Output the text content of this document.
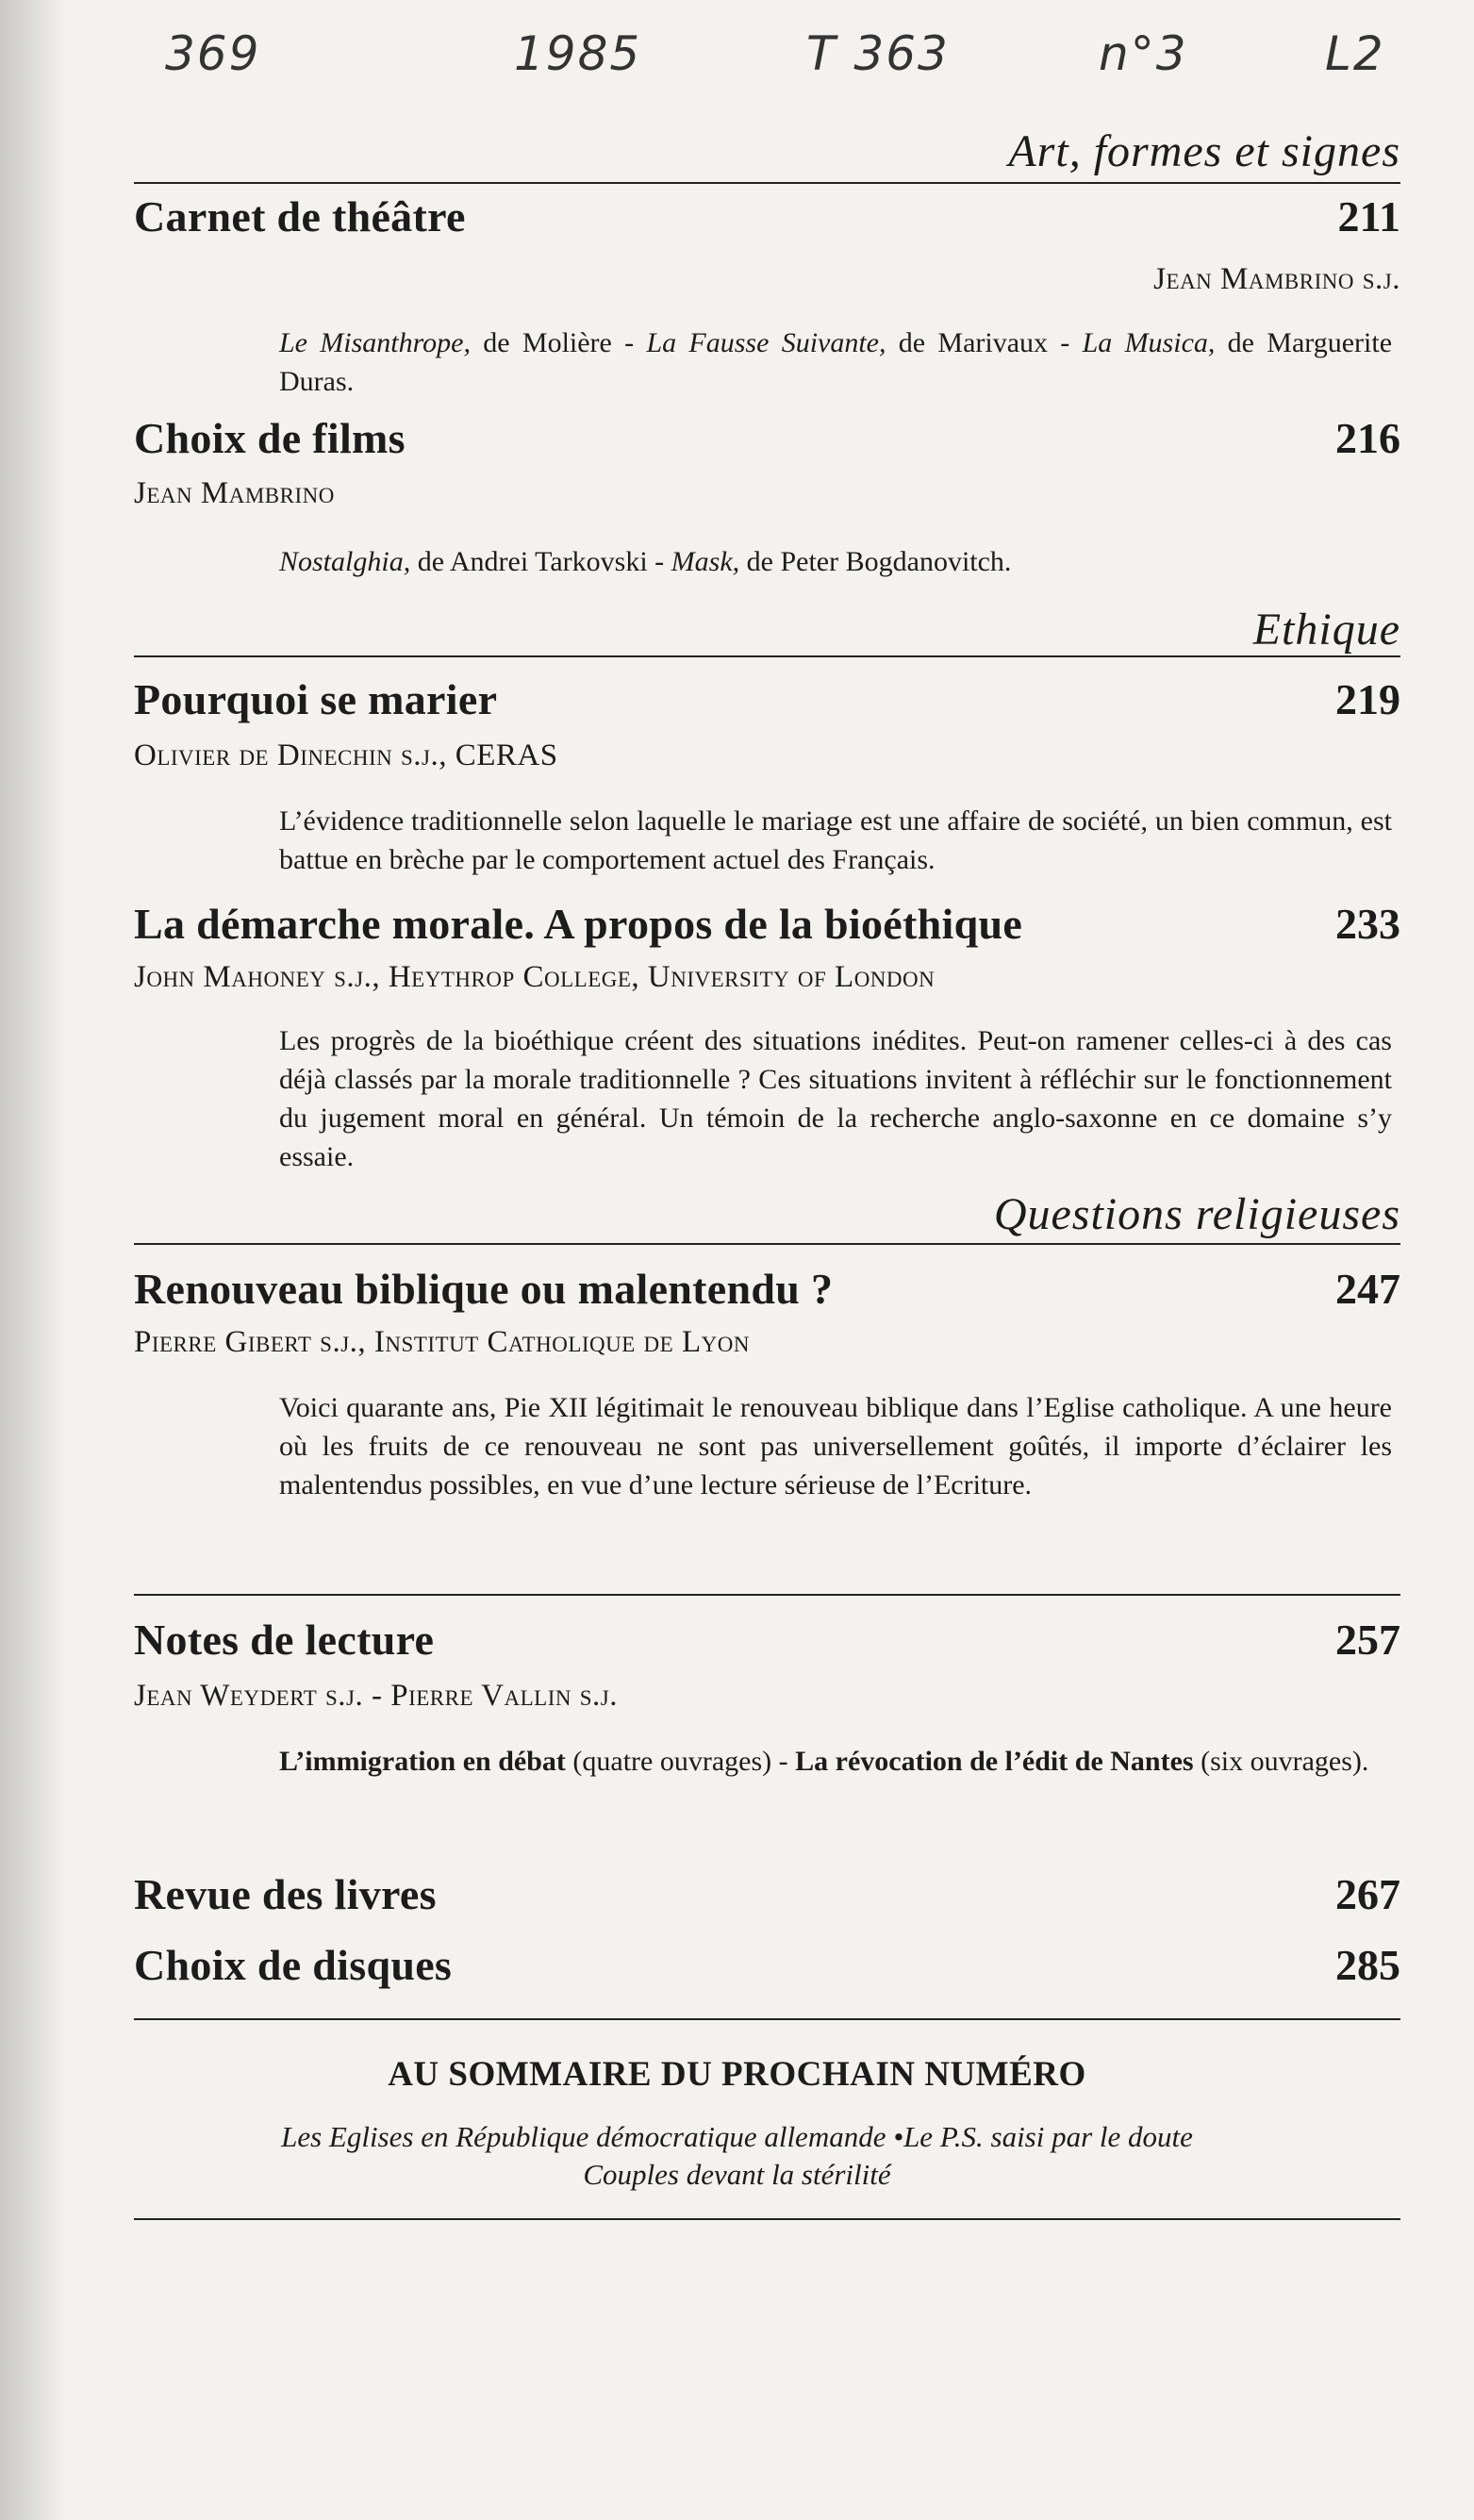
369	1985	T 363	n°3	L2
Art, formes et signes
Carnet de théâtre	211
Jean Mambrino s.j.
Le Misanthrope, de Molière - La Fausse Suivante, de Marivaux - La Musica, de Marguerite Duras.
Choix de films	216
Jean Mambrino
Nostalghia, de Andrei Tarkovski - Mask, de Peter Bogdanovitch.
Ethique
Pourquoi se marier	219
Olivier de Dinechin s.j., CERAS
L’évidence traditionnelle selon laquelle le mariage est une affaire de société, un bien commun, est battue en brèche par le comportement actuel des Français.
La démarche morale. A propos de la bioéthique	233
John Mahoney s.j., Heythrop College, University of London
Les progrès de la bioéthique créent des situations inédites. Peut-on ramener celles-ci à des cas déjà classés par la morale traditionnelle ? Ces situations invitent à réfléchir sur le fonctionnement du jugement moral en général. Un témoin de la recherche anglo-saxonne en ce domaine s’y essaie.
Questions religieuses
Renouveau biblique ou malentendu ?	247
Pierre Gibert s.j., Institut Catholique de Lyon
Voici quarante ans, Pie XII légitimait le renouveau biblique dans l’Eglise catholique. A une heure où les fruits de ce renouveau ne sont pas universellement goûtés, il importe d’éclairer les malentendus possibles, en vue d’une lecture sérieuse de l’Ecriture.
Notes de lecture	257
Jean Weydert s.j. - Pierre Vallin s.j.
L’immigration en débat (quatre ouvrages) - La révocation de l’édit de Nantes (six ouvrages).
Revue des livres	267
Choix de disques	285
AU SOMMAIRE DU PROCHAIN NUMÉRO
Les Eglises en République démocratique allemande •Le P.S. saisi par le doute
Couples devant la stérilité
